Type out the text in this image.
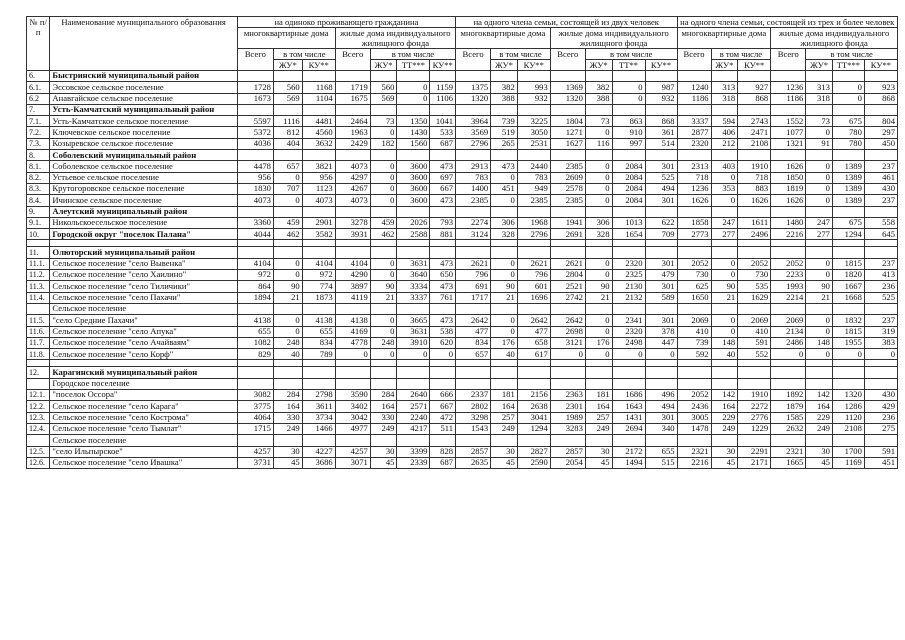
№ п/п	Наименование муниципального образования	на одиноко проживающего гражданина							на одного члена семьи, состоящей из двух человек							на одного члена семьи, состоящей из трех и более человек						
		многоквартирные дома			жилые дома индивидуального жилищного фонда				многоквартирные дома			жилые дома индивидуального жилищного фонда				многоквартирные дома			жилые дома индивидуального жилищного фонда			
		Всего	в том числе		Всего	в том числе			Всего	в том числе		Всего	в том числе			Всего	в том числе		Всего	в том числе		
			ЖУ*	КУ**		ЖУ*	ТТ***	КУ**		ЖУ*	КУ**		ЖУ*	ТТ**	КУ**		ЖУ*	КУ**		ЖУ*	ТТ***	КУ**
6.	Быстринский муниципальный район																					
6.1.	Эссовское сельское поселение	1728	560	1168	1719	560	0	1159	1375	382	993	1369	382	0	987	1240	313	927	1236	313	0	923
6.2	Анавгайское сельское поселение	1673	569	1104	1675	569	0	1106	1320	388	932	1320	388	0	932	1186	318	868	1186	318	0	868
7.	Усть-Камчатский муниципальный район																					
7.1.	Усть-Камчатское сельское поселение	5597	1116	4481	2464	73	1350	1041	3964	739	3225	1804	73	863	868	3337	594	2743	1552	73	675	804
7.2.	Ключевское сельское поселение	5372	812	4560	1963	0	1430	533	3569	519	3050	1271	0	910	361	2877	406	2471	1077	0	780	297
7.3.	Козыревское сельское поселение	4036	404	3632	2429	182	1560	687	2796	265	2531	1627	116	997	514	2320	212	2108	1321	91	780	450
8.	Соболевский муниципальный район																					
8.1.	Соболевское сельское поселение	4478	657	3821	4073	0	3600	473	2913	473	2440	2385	0	2084	301	2313	403	1910	1626	0	1389	237
8.2.	Устьевое сельское поселение	956	0	956	4297	0	3600	697	783	0	783	2609	0	2084	525	718	0	718	1850	0	1389	461
8.3.	Крутогоровское сельское поселение	1830	707	1123	4267	0	3600	667	1400	451	949	2578	0	2084	494	1236	353	883	1819	0	1389	430
8.4.	Ичинское сельское поселение	4073	0	4073	4073	0	3600	473	2385	0	2385	2385	0	2084	301	1626	0	1626	1626	0	1389	237
9.	Алеутский муниципальный район																					
9.1.	Никольскоесельское поселение	3360	459	2901	3278	459	2026	793	2274	306	1968	1941	306	1013	622	1858	247	1611	1480	247	675	558
10.	Городской округ "поселок Палана"	4044	462	3582	3931	462	2588	881	3124	328	2796	2691	328	1654	709	2773	277	2496	2216	277	1294	645

11.	Олюторский муниципальный район																					
11.1.	Сельское поселение "село Вывенка"	4104	0	4104	4104	0	3631	473	2621	0	2621	2621	0	2320	301	2052	0	2052	2052	0	1815	237
11.2.	Сельское поселение "село Хаилино"	972	0	972	4290	0	3640	650	796	0	796	2804	0	2325	479	730	0	730	2233	0	1820	413
11.3.	Сельское поселение "село Тиличики"	864	90	774	3897	90	3334	473	691	90	601	2521	90	2130	301	625	90	535	1993	90	1667	236
11.4.	Сельское поселение "село Пахачи"	1894	21	1873	4119	21	3337	761	1717	21	1696	2742	21	2132	589	1650	21	1629	2214	21	1668	525
	Сельское поселение																					
11.5.	"село Средние Пахачи"	4138	0	4138	4138	0	3665	473	2642	0	2642	2642	0	2341	301	2069	0	2069	2069	0	1832	237
11.6.	Сельское поселение "село Апука"	655	0	655	4169	0	3631	538	477	0	477	2698	0	2320	378	410	0	410	2134	0	1815	319
11.7.	Сельское поселение "село Ачайваям"	1082	248	834	4778	248	3910	620	834	176	658	3121	176	2498	447	739	148	591	2486	148	1955	383
11.8.	Сельское поселение "село Корф"	829	40	789	0	0	0	0	657	40	617	0	0	0	0	592	40	552	0	0	0	0

12.	Карагинский муниципальный район																					
	Городское поселение																					
12.1.	"поселок Оссора"	3082	284	2798	3590	284	2640	666	2337	181	2156	2363	181	1686	496	2052	142	1910	1892	142	1320	430
12.2.	Сельское поселение "село Карага"	3775	164	3611	3402	164	2571	667	2802	164	2638	2301	164	1643	494	2436	164	2272	1879	164	1286	429
12.3.	Сельское поселение "село Кострома"	4064	330	3734	3042	330	2240	472	3298	257	3041	1989	257	1431	301	3005	229	2776	1585	229	1120	236
12.4.	Сельское поселение "село Тымлат"	1715	249	1466	4977	249	4217	511	1543	249	1294	3283	249	2694	340	1478	249	1229	2632	249	2108	275
	Сельское поселение																					
12.5.	"село Ильпырское"	4257	30	4227	4257	30	3399	828	2857	30	2827	2857	30	2172	655	2321	30	2291	2321	30	1700	591
12.6.	Сельское поселение "село Ивашка"	3731	45	3686	3071	45	2339	687	2635	45	2590	2054	45	1494	515	2216	45	2171	1665	45	1169	451
